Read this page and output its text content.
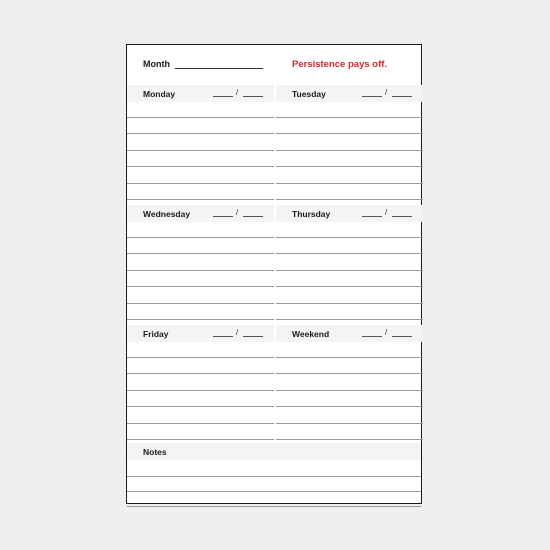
Month	Persistence pays off.
Monday	/	Tuesday	/
Wednesday	/	Thursday	/
Friday	/	Weekend	/
Notes
